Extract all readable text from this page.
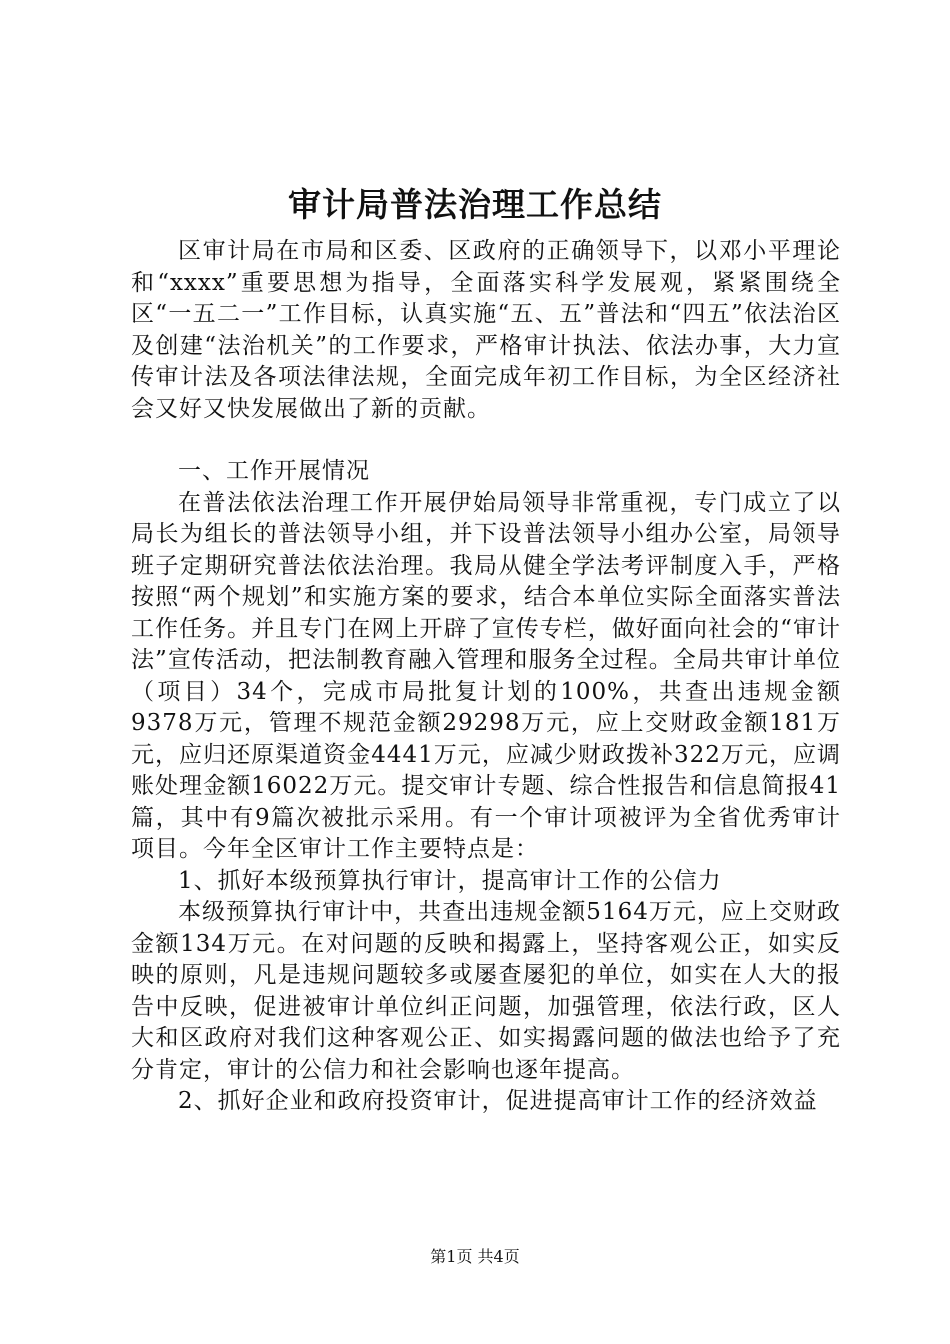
审计局普法治理工作总结

区审计局在市局和区委、区政府的正确领导下，以邓小平理论和“xxxx”重要思想为指导，全面落实科学发展观，紧紧围绕全区“一五二一”工作目标，认真实施“五、五”普法和“四五”依法治区及创建“法治机关”的工作要求，严格审计执法、依法办事，大力宣传审计法及各项法律法规，全面完成年初工作目标，为全区经济社会又好又快发展做出了新的贡献。

一、工作开展情况

在普法依法治理工作开展伊始局领导非常重视，专门成立了以局长为组长的普法领导小组，并下设普法领导小组办公室，局领导班子定期研究普法依法治理。我局从健全学法考评制度入手，严格按照“两个规划”和实施方案的要求，结合本单位实际全面落实普法工作任务。并且专门在网上开辟了宣传专栏，做好面向社会的“审计法”宣传活动，把法制教育融入管理和服务全过程。全局共审计单位（项目）34个，完成市局批复计划的100%，共查出违规金额9378万元，管理不规范金额29298万元，应上交财政金额181万元，应归还原渠道资金4441万元，应减少财政拨补322万元，应调账处理金额16022万元。提交审计专题、综合性报告和信息简报41篇，其中有9篇次被批示采用。有一个审计项被评为全省优秀审计项目。今年全区审计工作主要特点是：

1、抓好本级预算执行审计，提高审计工作的公信力

本级预算执行审计中，共查出违规金额5164万元，应上交财政金额134万元。在对问题的反映和揭露上，坚持客观公正，如实反映的原则，凡是违规问题较多或屡查屡犯的单位，如实在人大的报告中反映，促进被审计单位纠正问题，加强管理，依法行政，区人大和区政府对我们这种客观公正、如实揭露问题的做法也给予了充分肯定，审计的公信力和社会影响也逐年提高。

2、抓好企业和政府投资审计，促进提高审计工作的经济效益

第1页 共4页
